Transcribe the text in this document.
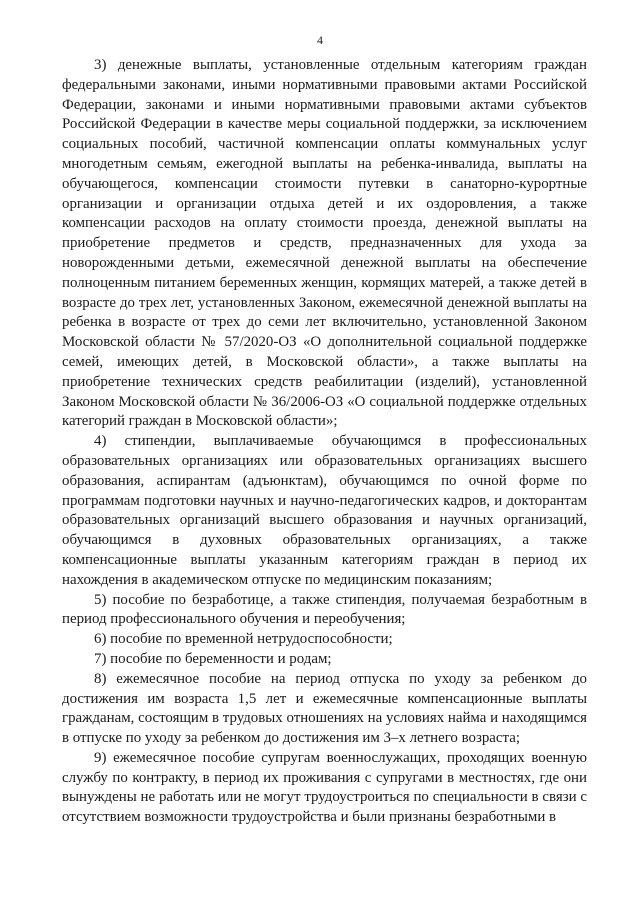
4

3) денежные выплаты, установленные отдельным категориям граждан федеральными законами, иными нормативными правовыми актами Российской Федерации, законами и иными нормативными правовыми актами субъектов Российской Федерации в качестве меры социальной поддержки, за исключением социальных пособий, частичной компенсации оплаты коммунальных услуг многодетным семьям, ежегодной выплаты на ребенка-инвалида, выплаты на обучающегося, компенсации стоимости путевки в санаторно-курортные организации и организации отдыха детей и их оздоровления, а также компенсации расходов на оплату стоимости проезда, денежной выплаты на приобретение предметов и средств, предназначенных для ухода за новорожденными детьми, ежемесячной денежной выплаты на обеспечение полноценным питанием беременных женщин, кормящих матерей, а также детей в возрасте до трех лет, установленных Законом, ежемесячной денежной выплаты на ребенка в возрасте от трех до семи лет включительно, установленной Законом Московской области № 57/2020-ОЗ «О дополнительной социальной поддержке семей, имеющих детей, в Московской области», а также выплаты на приобретение технических средств реабилитации (изделий), установленной Законом Московской области № 36/2006-ОЗ «О социальной поддержке отдельных категорий граждан в Московской области»;

4) стипендии, выплачиваемые обучающимся в профессиональных образовательных организациях или образовательных организациях высшего образования, аспирантам (адъюнктам), обучающимся по очной форме по программам подготовки научных и научно-педагогических кадров, и докторантам образовательных организаций высшего образования и научных организаций, обучающимся в духовных образовательных организациях, а также компенсационные выплаты указанным категориям граждан в период их нахождения в академическом отпуске по медицинским показаниям;

5) пособие по безработице, а также стипендия, получаемая безработным в период профессионального обучения и переобучения;

6) пособие по временной нетрудоспособности;

7) пособие по беременности и родам;

8) ежемесячное пособие на период отпуска по уходу за ребенком до достижения им возраста 1,5 лет и ежемесячные компенсационные выплаты гражданам, состоящим в трудовых отношениях на условиях найма и находящимся в отпуске по уходу за ребенком до достижения им 3–х летнего возраста;

9) ежемесячное пособие супругам военнослужащих, проходящих военную службу по контракту, в период их проживания с супругами в местностях, где они вынуждены не работать или не могут трудоустроиться по специальности в связи с отсутствием возможности трудоустройства и были признаны безработными в
